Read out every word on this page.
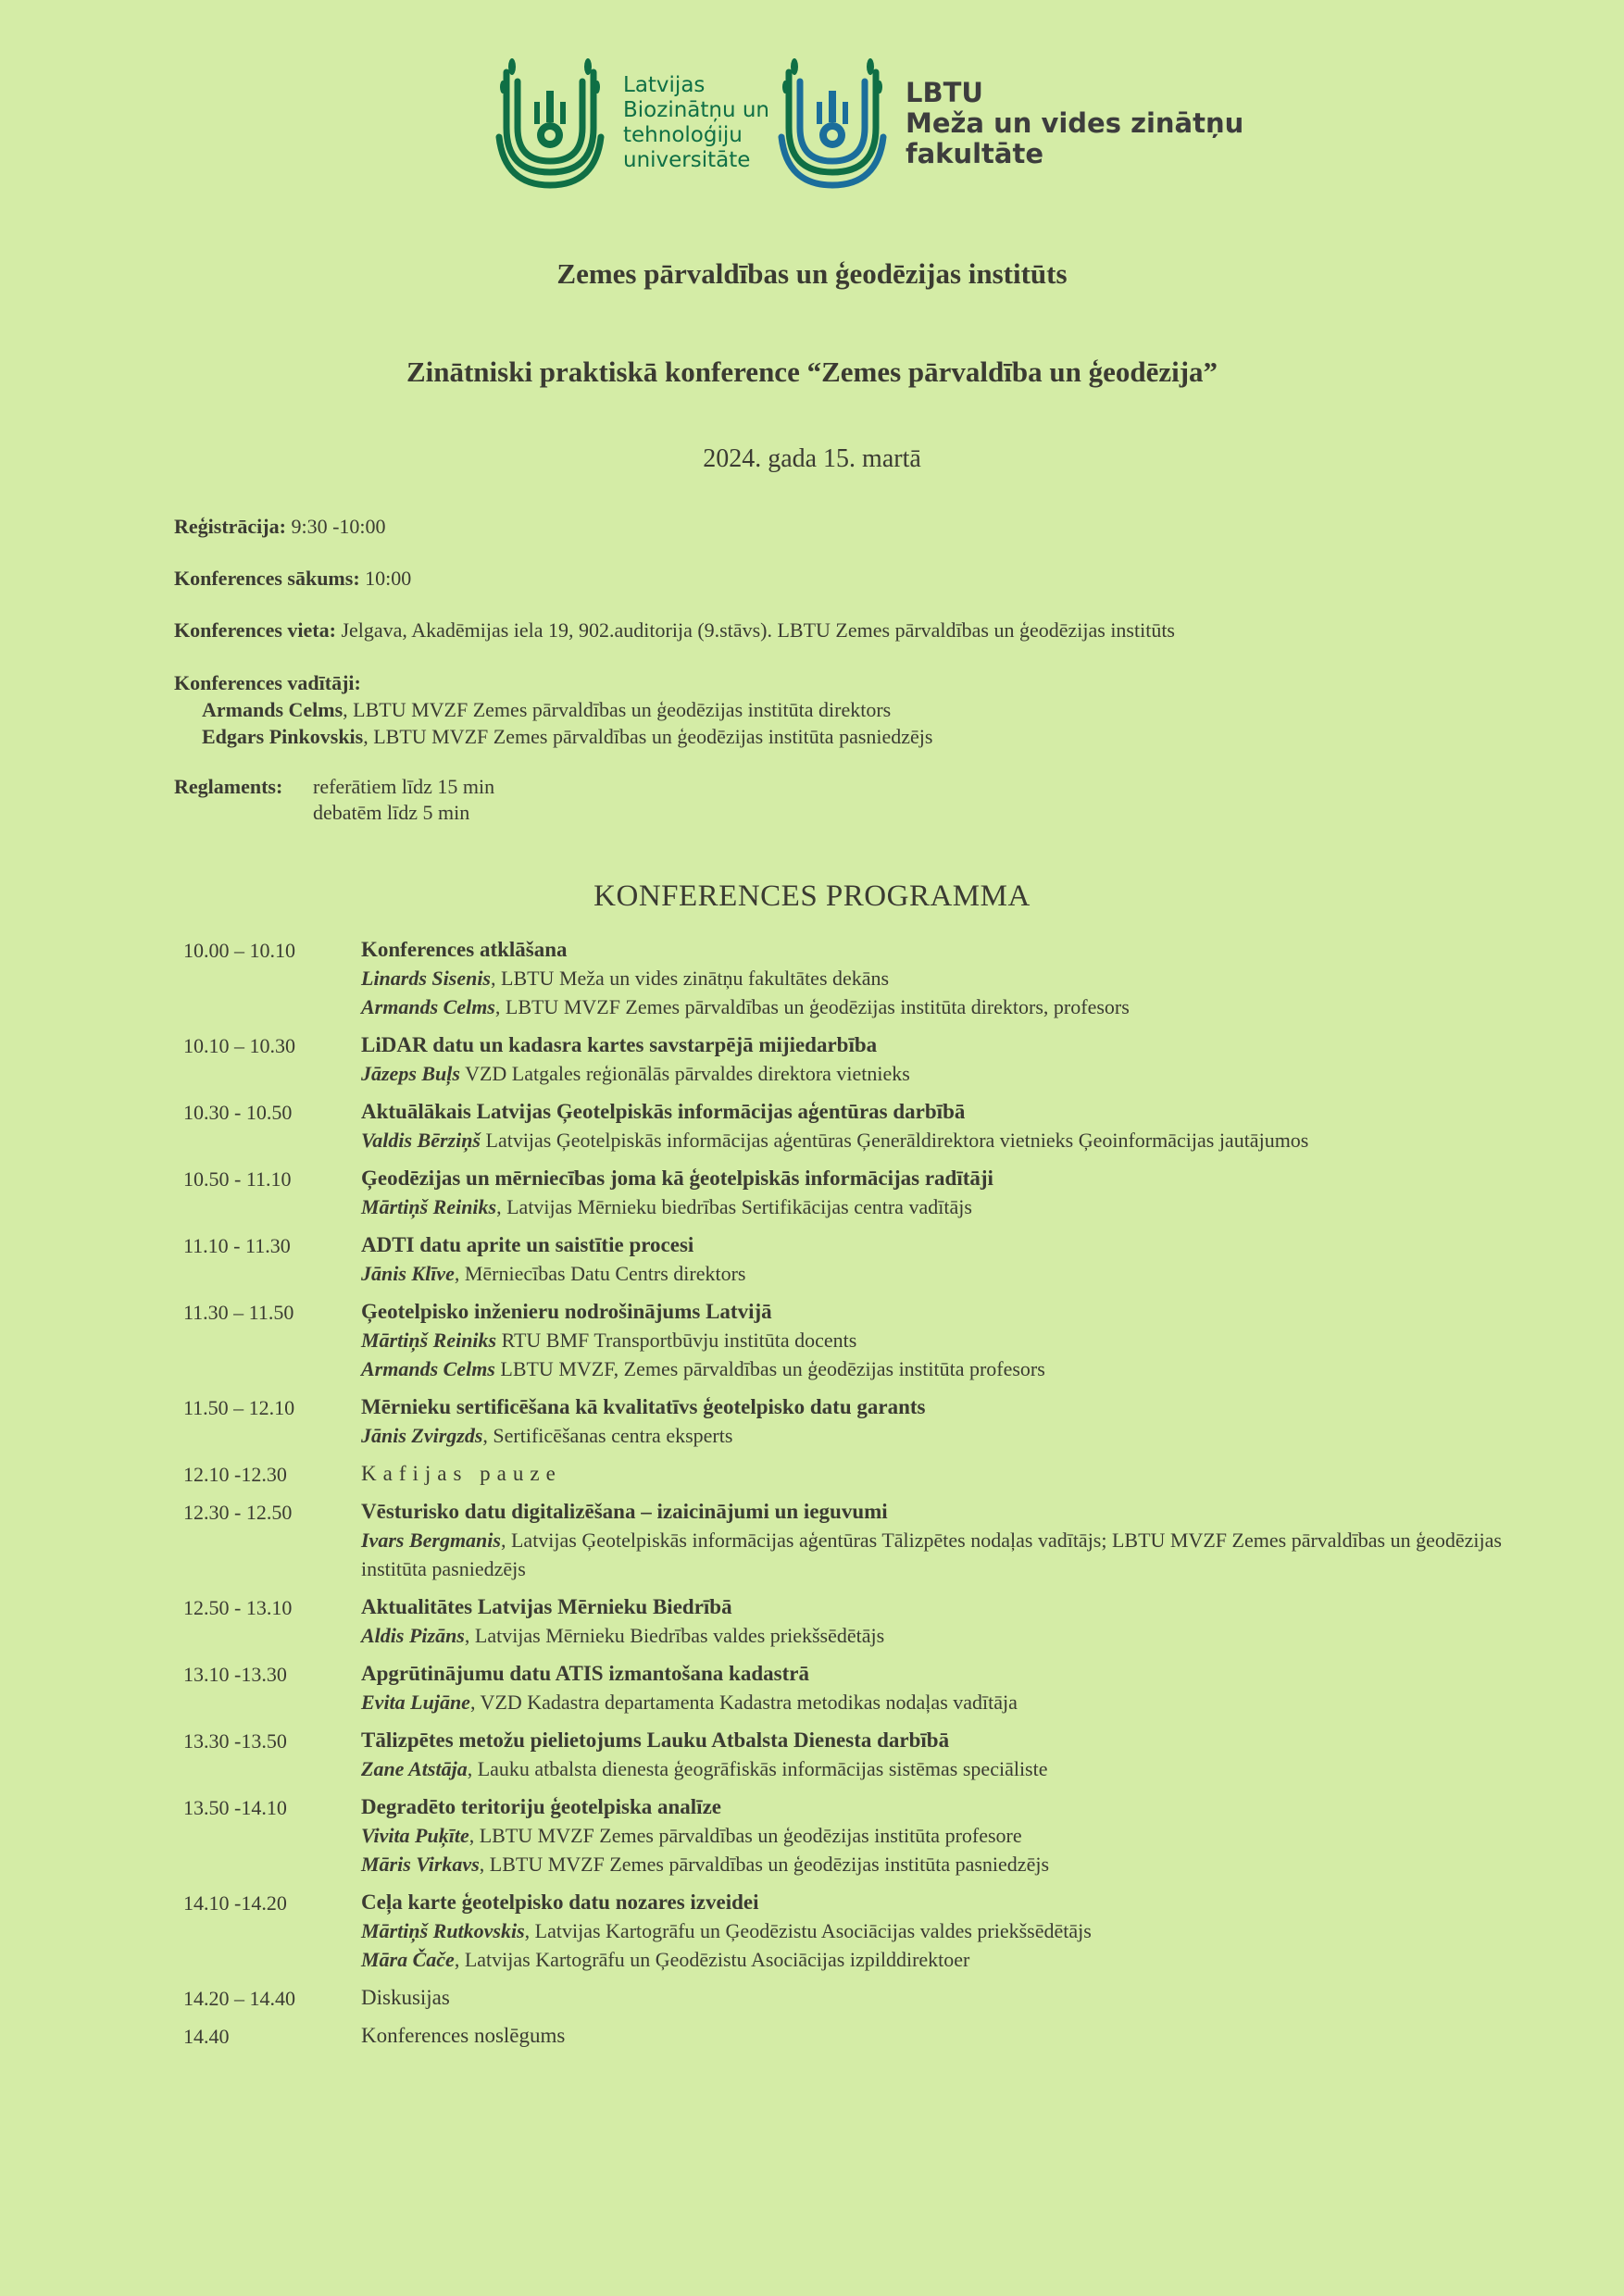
Latvijas
Biozinātņu un
tehnoloģiju
universitāte
LBTU
Meža un vides zinātņu
fakultāte
Zemes pārvaldības un ģeodēzijas institūts
Zinātniski praktiskā konference “Zemes pārvaldība un ģeodēzija”
2024. gada 15. martā
Reģistrācija: 9:30 -10:00
Konferences sākums: 10:00
Konferences vieta: Jelgava, Akadēmijas iela 19, 902.auditorija (9.stāvs). LBTU Zemes pārvaldības un ģeodēzijas institūts
Konferences vadītāji:
Armands Celms, LBTU MVZF Zemes pārvaldības un ģeodēzijas institūta direktors
Edgars Pinkovskis, LBTU MVZF Zemes pārvaldības un ģeodēzijas institūta pasniedzējs
Reglaments:	referātiem līdz 15 min
debatēm līdz 5 min
KONFERENCES PROGRAMMA
10.00 – 10.10	Konferences atklāšana
Linards Sisenis, LBTU Meža un vides zinātņu fakultātes dekāns
Armands Celms, LBTU MVZF Zemes pārvaldības un ģeodēzijas institūta direktors, profesors
10.10 – 10.30	LiDAR datu un kadasra kartes savstarpējā mijiedarbība
Jāzeps Buļs VZD Latgales reģionālās pārvaldes direktora vietnieks
10.30 - 10.50	Aktuālākais Latvijas Ģeotelpiskās informācijas aģentūras darbībā
Valdis Bērziņš Latvijas Ģeotelpiskās informācijas aģentūras Ģenerāldirektora vietnieks Ģeoinformācijas jautājumos
10.50 - 11.10	Ģeodēzijas un mērniecības joma kā ģeotelpiskās informācijas radītāji
Mārtiņš Reiniks, Latvijas Mērnieku biedrības Sertifikācijas centra vadītājs
11.10 - 11.30	ADTI datu aprite un saistītie procesi
Jānis Klīve, Mērniecības Datu Centrs direktors
11.30 – 11.50	Ģeotelpisko inženieru nodrošinājums Latvijā
Mārtiņš Reiniks RTU BMF Transportbūvju institūta docents
Armands Celms LBTU MVZF, Zemes pārvaldības un ģeodēzijas institūta profesors
11.50 – 12.10	Mērnieku sertificēšana kā kvalitatīvs ģeotelpisko datu garants
Jānis Zvirgzds, Sertificēšanas centra eksperts
12.10 -12.30	Kafijas pauze
12.30 - 12.50	Vēsturisko datu digitalizēšana – izaicinājumi un ieguvumi
Ivars Bergmanis, Latvijas Ģeotelpiskās informācijas aģentūras Tālizpētes nodaļas vadītājs; LBTU MVZF Zemes pārvaldības un ģeodēzijas institūta pasniedzējs
12.50 - 13.10	Aktualitātes Latvijas Mērnieku Biedrībā
Aldis Pizāns, Latvijas Mērnieku Biedrības valdes priekšsēdētājs
13.10 -13.30	Apgrūtinājumu datu ATIS izmantošana kadastrā
Evita Lujāne, VZD Kadastra departamenta Kadastra metodikas nodaļas vadītāja
13.30 -13.50	Tālizpētes metožu pielietojums Lauku Atbalsta Dienesta darbībā
Zane Atstāja, Lauku atbalsta dienesta ģeogrāfiskās informācijas sistēmas speciāliste
13.50 -14.10	Degradēto teritoriju ģeotelpiska analīze
Vivita Puķīte, LBTU MVZF Zemes pārvaldības un ģeodēzijas institūta profesore
Māris Virkavs, LBTU MVZF Zemes pārvaldības un ģeodēzijas institūta pasniedzējs
14.10 -14.20	Ceļa karte ģeotelpisko datu nozares izveidei
Mārtiņš Rutkovskis, Latvijas Kartogrāfu un Ģeodēzistu Asociācijas valdes priekšsēdētājs
Māra Čače, Latvijas Kartogrāfu un Ģeodēzistu Asociācijas izpilddirektoer
14.20 – 14.40	Diskusijas
14.40	Konferences noslēgums
